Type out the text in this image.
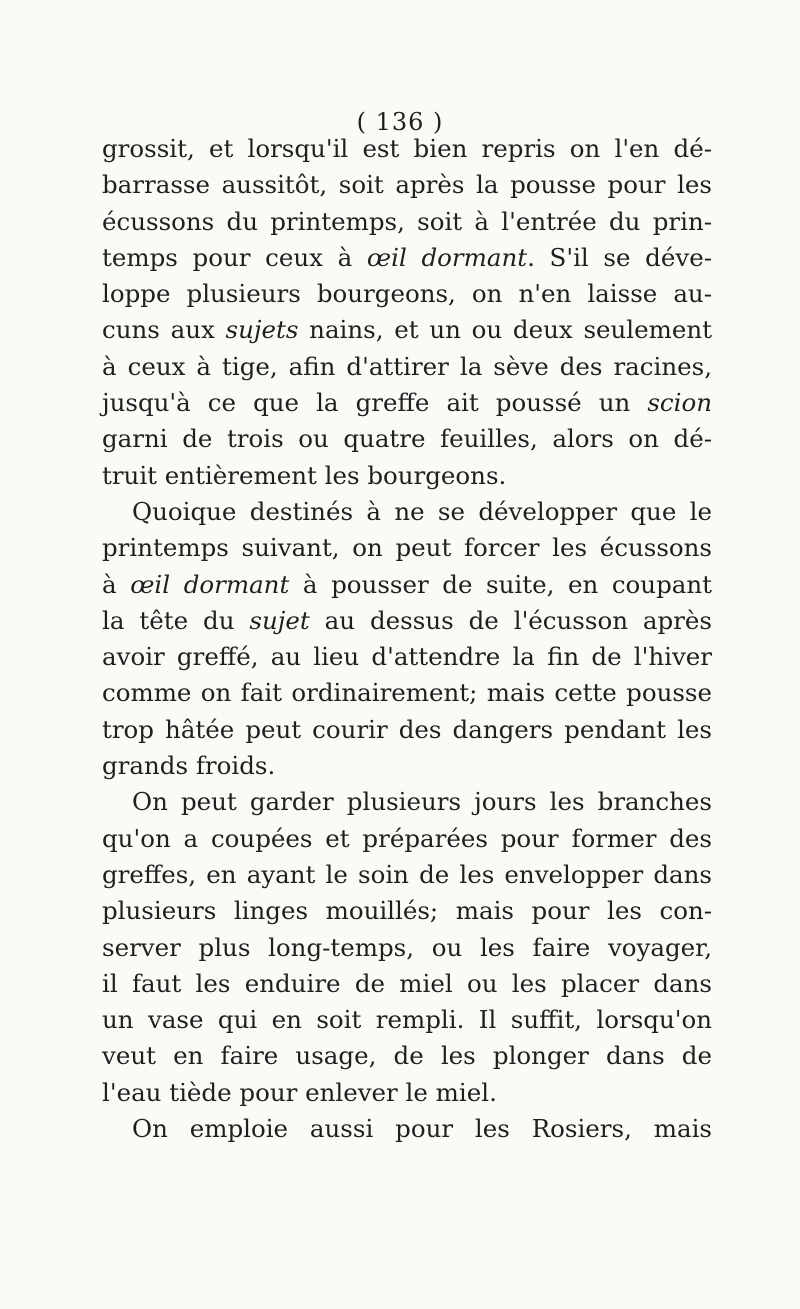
( 136 )
grossit, et lorsqu'il est bien repris on l'en dé-
barrasse aussitôt, soit après la pousse pour les
écussons du printemps, soit à l'entrée du prin-
temps pour ceux à œil dormant. S'il se déve-
loppe plusieurs bourgeons, on n'en laisse au-
cuns aux sujets nains, et un ou deux seulement
à ceux à tige, afin d'attirer la sève des racines,
jusqu'à ce que la greffe ait poussé un scion
garni de trois ou quatre feuilles, alors on dé-
truit entièrement les bourgeons.
Quoique destinés à ne se développer que le
printemps suivant, on peut forcer les écussons
à œil dormant à pousser de suite, en coupant
la tête du sujet au dessus de l'écusson après
avoir greffé, au lieu d'attendre la fin de l'hiver
comme on fait ordinairement; mais cette pousse
trop hâtée peut courir des dangers pendant les
grands froids.
On peut garder plusieurs jours les branches
qu'on a coupées et préparées pour former des
greffes, en ayant le soin de les envelopper dans
plusieurs linges mouillés; mais pour les con-
server plus long-temps, ou les faire voyager,
il faut les enduire de miel ou les placer dans
un vase qui en soit rempli. Il suffit, lorsqu'on
veut en faire usage, de les plonger dans de
l'eau tiède pour enlever le miel.
On emploie aussi pour les Rosiers, mais
